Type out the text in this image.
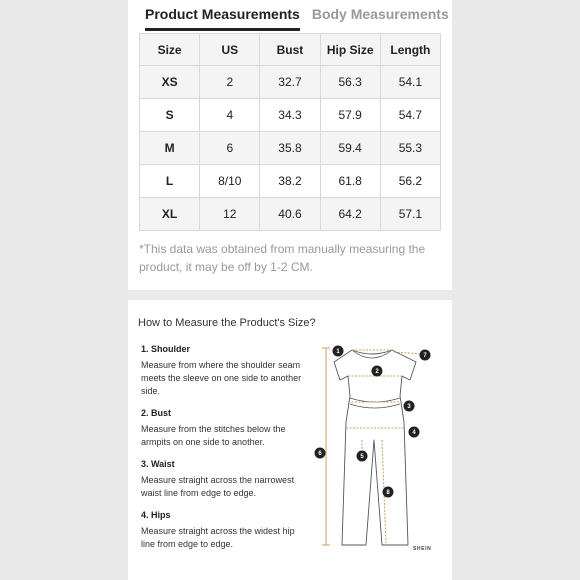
Product Measurements Body Measurements
Size	US	Bust	Hip Size	Length
XS	2	32.7	56.3	54.1
S	4	34.3	57.9	54.7
M	6	35.8	59.4	55.3
L	8/10	38.2	61.8	56.2
XL	12	40.6	64.2	57.1
*This data was obtained from manually measuring the product, it may be off by 1-2 CM.
How to Measure the Product's Size?
1. Shoulder
Measure from where the shoulder seam meets the sleeve on one side to another side.
2. Bust
Measure from the stitches below the armpits on one side to another.
3. Waist
Measure straight across the narrowest waist line from edge to edge.
4. Hips
Measure straight across the widest hip line from edge to edge.
1
2
3
4
5
6
7
8
SHEIN
